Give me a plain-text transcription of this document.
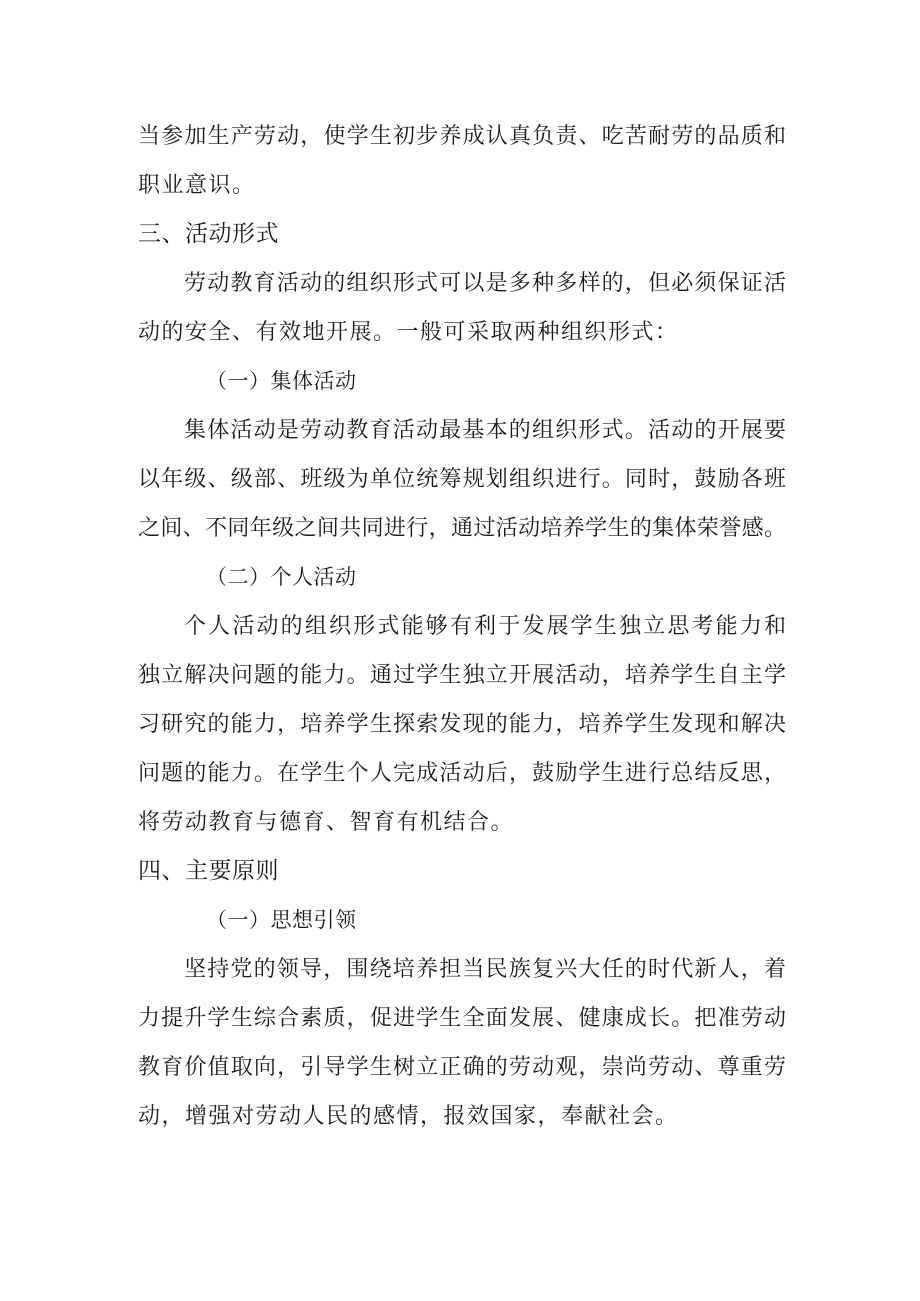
当参加生产劳动，使学生初步养成认真负责、吃苦耐劳的品质和
职业意识。
三、活动形式
劳动教育活动的组织形式可以是多种多样的，但必须保证活
动的安全、有效地开展。一般可采取两种组织形式：
（一）集体活动
集体活动是劳动教育活动最基本的组织形式。活动的开展要
以年级、级部、班级为单位统筹规划组织进行。同时，鼓励各班
之间、不同年级之间共同进行，通过活动培养学生的集体荣誉感。
（二）个人活动
个人活动的组织形式能够有利于发展学生独立思考能力和
独立解决问题的能力。通过学生独立开展活动，培养学生自主学
习研究的能力，培养学生探索发现的能力，培养学生发现和解决
问题的能力。在学生个人完成活动后，鼓励学生进行总结反思，
将劳动教育与德育、智育有机结合。
四、主要原则
（一）思想引领
坚持党的领导，围绕培养担当民族复兴大任的时代新人，着
力提升学生综合素质，促进学生全面发展、健康成长。把准劳动
教育价值取向，引导学生树立正确的劳动观，崇尚劳动、尊重劳
动，增强对劳动人民的感情，报效国家，奉献社会。
